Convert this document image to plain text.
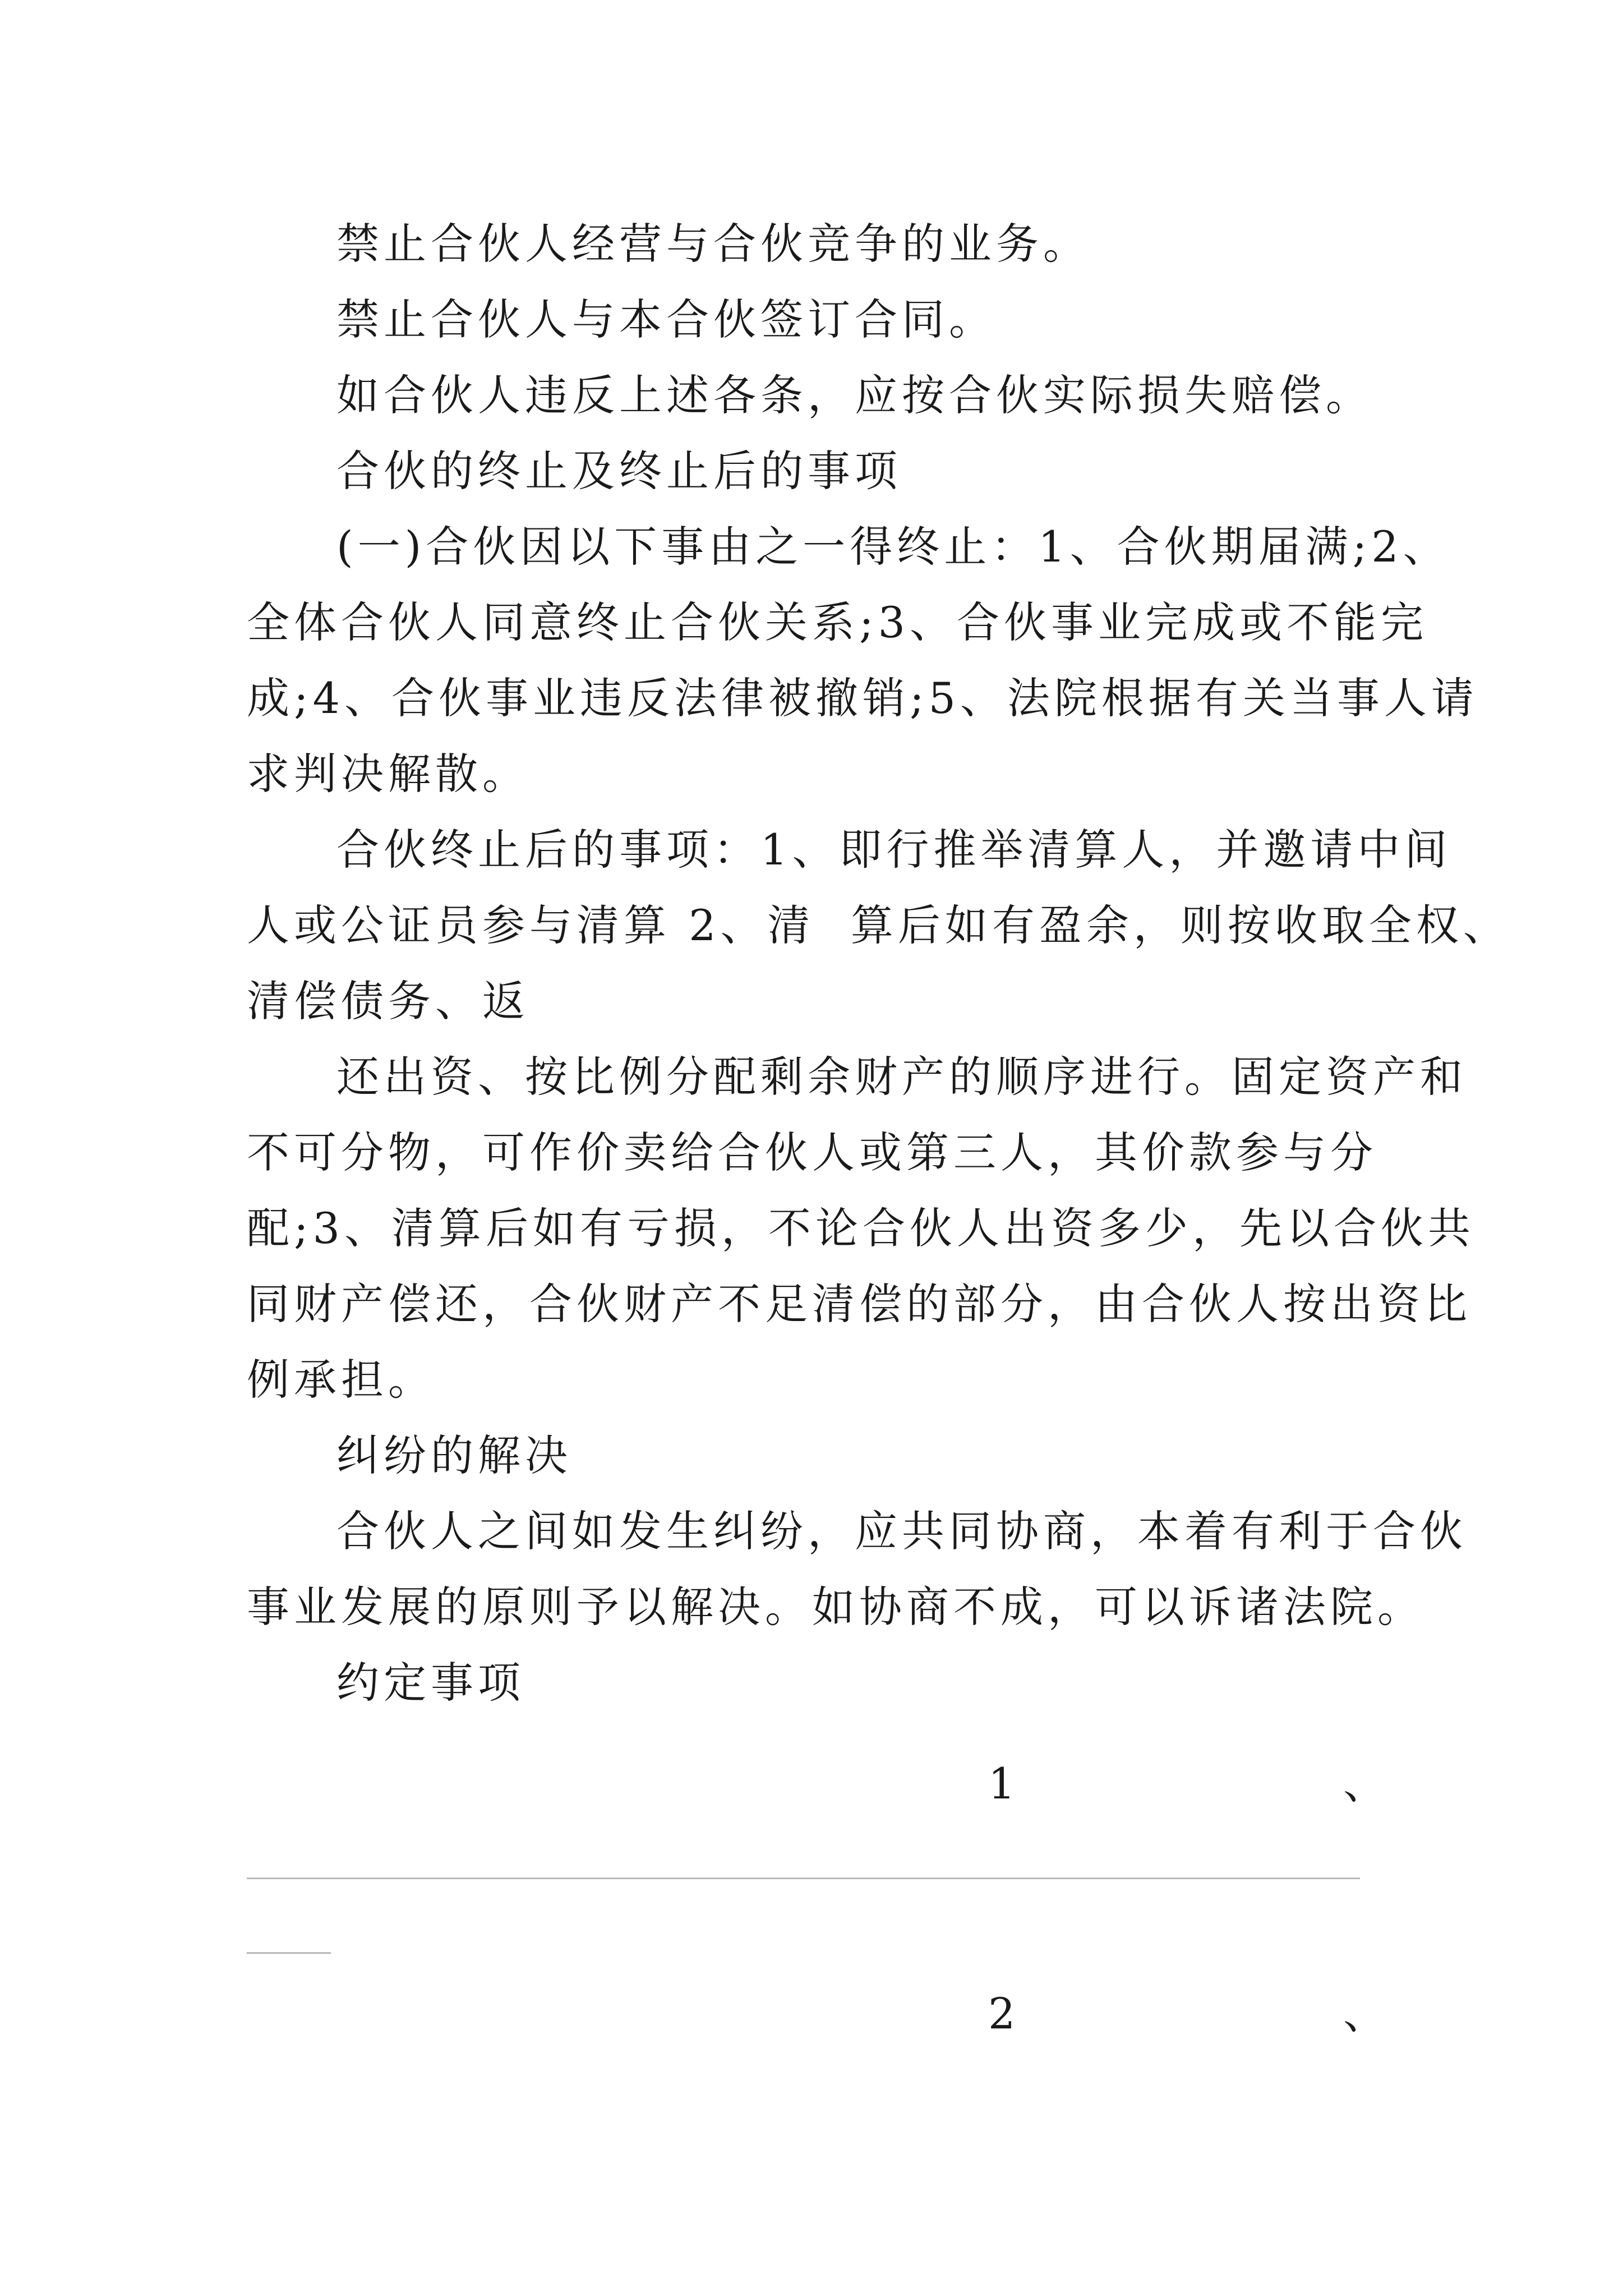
禁止合伙人经营与合伙竞争的业务。
禁止合伙人与本合伙签订合同。
如合伙人违反上述各条，应按合伙实际损失赔偿。
合伙的终止及终止后的事项
(一)合伙因以下事由之一得终止：1、合伙期届满;2、
全体合伙人同意终止合伙关系;3、合伙事业完成或不能完
成;4、合伙事业违反法律被撤销;5、法院根据有关当事人请
求判决解散。
合伙终止后的事项：1、即行推举清算人，并邀请中间
人或公证员参与清算 2、清  算后如有盈余，则按收取全权、
清偿债务、返
还出资、按比例分配剩余财产的顺序进行。固定资产和
不可分物，可作价卖给合伙人或第三人，其价款参与分
配;3、清算后如有亏损，不论合伙人出资多少，先以合伙共
同财产偿还，合伙财产不足清偿的部分，由合伙人按出资比
例承担。
纠纷的解决
合伙人之间如发生纠纷，应共同协商，本着有利于合伙
事业发展的原则予以解决。如协商不成，可以诉诸法院。
约定事项
1	、
2	、
